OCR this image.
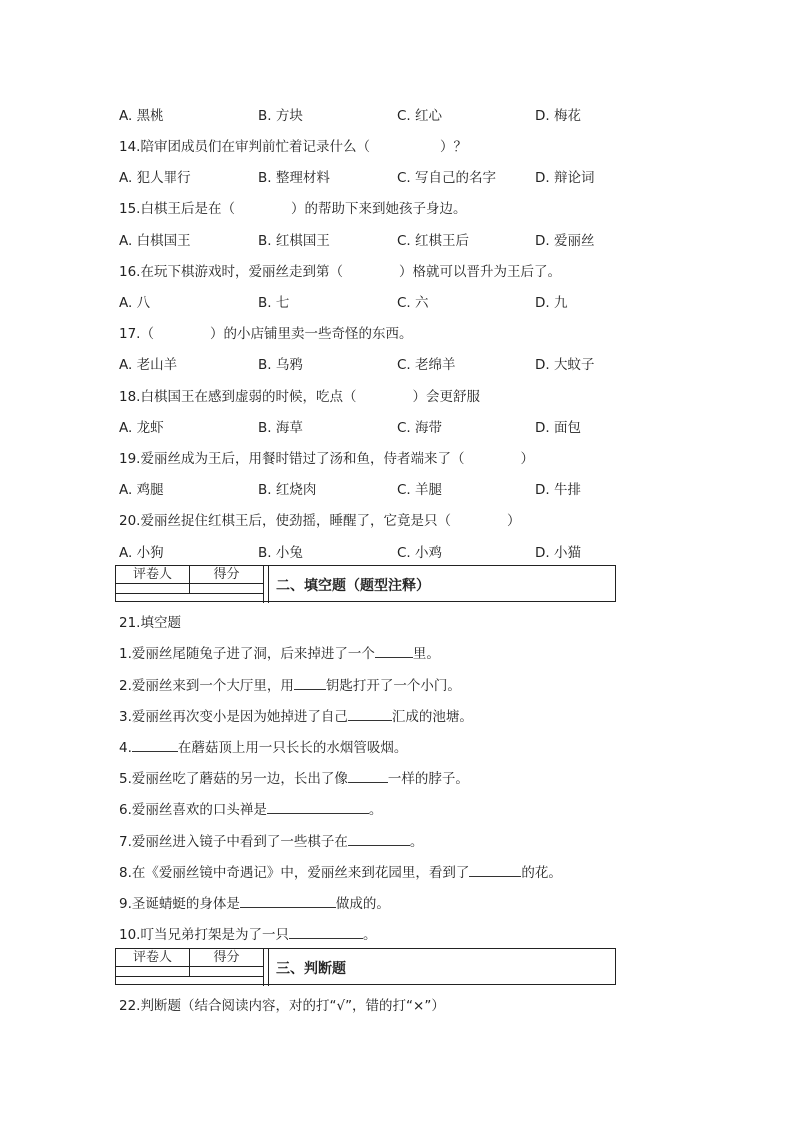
A. 黑桃	B. 方块	C. 红心	D. 梅花
14.陪审团成员们在审判前忙着记录什么（	）？
A. 犯人罪行	B. 整理材料	C. 写自己的名字	D. 辩论词
15.白棋王后是在（	）的帮助下来到她孩子身边。
A. 白棋国王	B. 红棋国王	C. 红棋王后	D. 爱丽丝
16.在玩下棋游戏时，爱丽丝走到第（	）格就可以晋升为王后了。
A. 八	B. 七	C. 六	D. 九
17.（	）的小店铺里卖一些奇怪的东西。
A. 老山羊	B. 乌鸦	C. 老绵羊	D. 大蚊子
18.白棋国王在感到虚弱的时候，吃点（	）会更舒服
A. 龙虾	B. 海草	C. 海带	D. 面包
19.爱丽丝成为王后，用餐时错过了汤和鱼，侍者端来了（	）
A. 鸡腿	B. 红烧肉	C. 羊腿	D. 牛排
20.爱丽丝捉住红棋王后，使劲摇，睡醒了，它竟是只（	）
A. 小狗	B. 小兔	C. 小鸡	D. 小猫
评卷人	得分
二、填空题（题型注释）
21.填空题
1.爱丽丝尾随兔子进了洞，后来掉进了一个	里。
2.爱丽丝来到一个大厅里，用 钥匙打开了一个小门。
3.爱丽丝再次变小是因为她掉进了自己	汇成的池塘。
4.	在蘑菇顶上用一只长长的水烟管吸烟。
5.爱丽丝吃了蘑菇的另一边，长出了像	一样的脖子。
6.爱丽丝喜欢的口头禅是	。
7.爱丽丝进入镜子中看到了一些棋子在	。
8.在《爱丽丝镜中奇遇记》中，爱丽丝来到花园里，看到了	的花。
9.圣诞蜻蜓的身体是	做成的。
10.叮当兄弟打架是为了一只	。
评卷人	得分
三、判断题
22.判断题（结合阅读内容，对的打“√”，错的打“×”）
